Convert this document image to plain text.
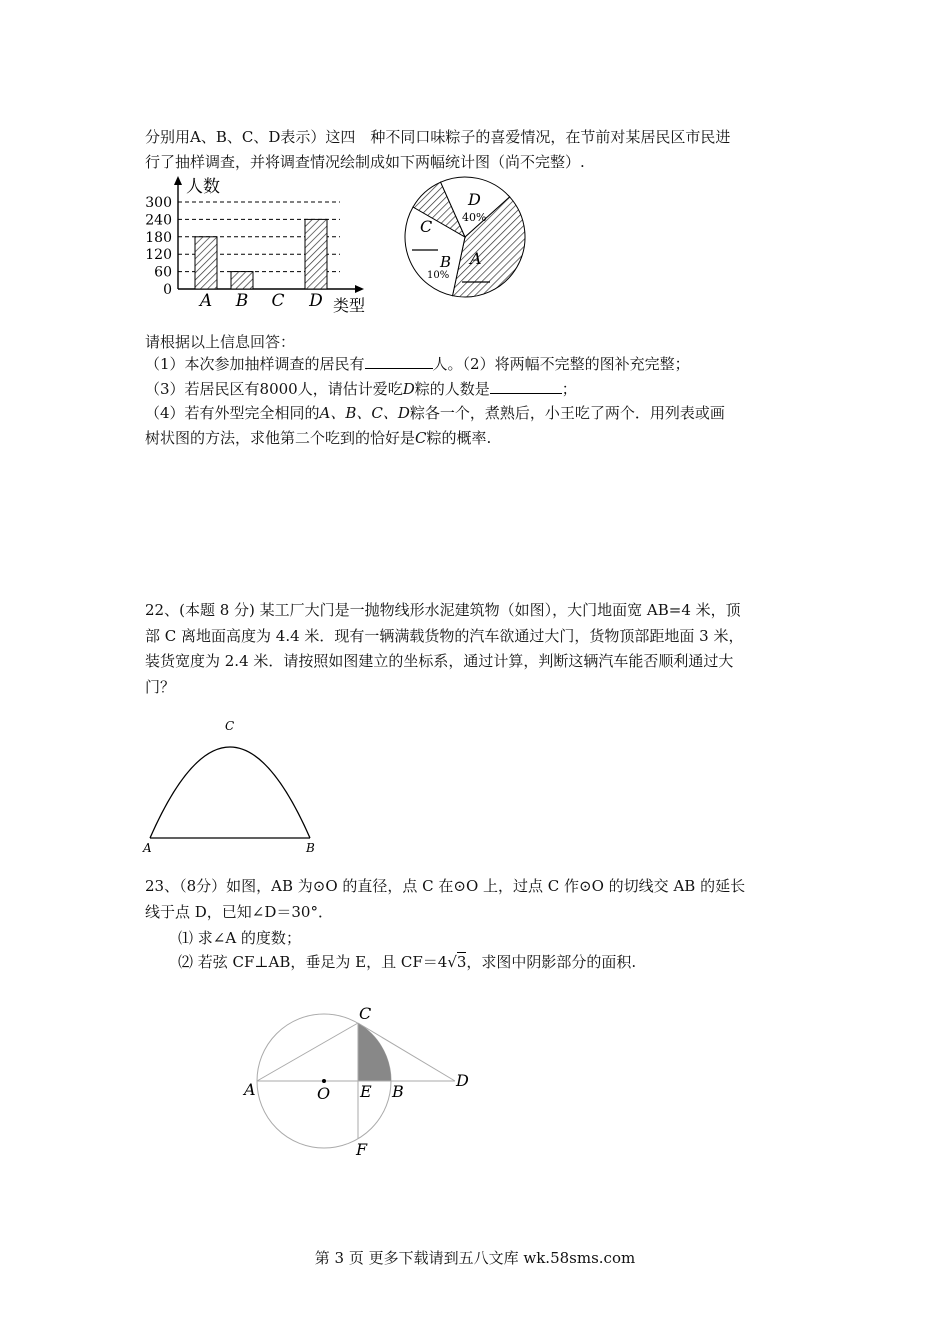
分别用A、B、C、D表示）这四　种不同口味粽子的喜爱情况，在节前对某居民区市民进
行了抽样调查，并将调查情况绘制成如下两幅统计图（尚不完整）.
人数
类型
0
60
120
180
240
300
A B C D
D
40%
A
B
10%
C
请根据以上信息回答：
（1）本次参加抽样调查的居民有	人。（2）将两幅不完整的图补充完整；
（3）若居民区有8000人，请估计爱吃D粽的人数是	；
（4）若有外型完全相同的A、B、C、D粽各一个，煮熟后，小王吃了两个．用列表或画
树状图的方法，求他第二个吃到的恰好是C粽的概率.
22、(本题 8 分) 某工厂大门是一抛物线形水泥建筑物（如图），大门地面宽 AB=4 米，顶
部 C 离地面高度为 4.4 米．现有一辆满载货物的汽车欲通过大门，货物顶部距地面 3 米，
装货宽度为 2.4 米．请按照如图建立的坐标系，通过计算，判断这辆汽车能否顺利通过大
门？
C
A	B
23、（8分）如图，AB 为⊙O 的直径，点 C 在⊙O 上，过点 C 作⊙O 的切线交 AB 的延长
线于点 D，已知∠D＝30°．
⑴ 求∠A 的度数；
⑵ 若弦 CF⊥AB，垂足为 E，且 CF＝4√3，求图中阴影部分的面积.
C
A	O E B
D
F
第 3 页 更多下载请到五八文库 wk.58sms.com
